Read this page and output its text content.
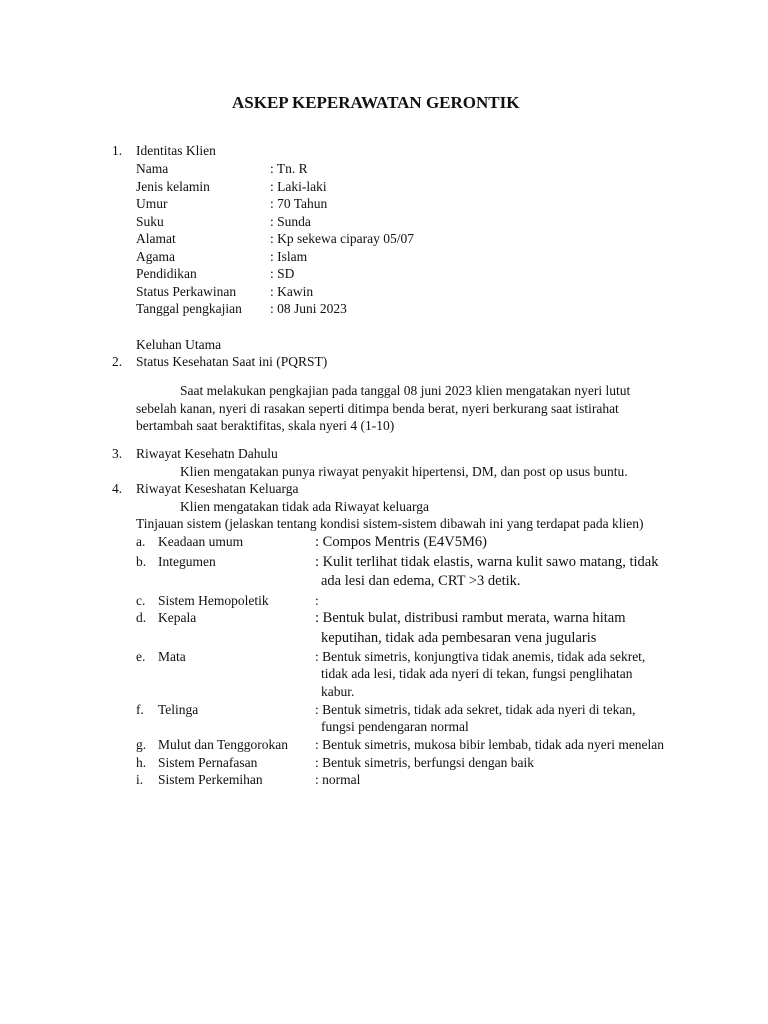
ASKEP KEPERAWATAN GERONTIK
1. Identitas Klien
Nama	: Tn. R
Jenis kelamin	: Laki-laki
Umur	: 70 Tahun
Suku	: Sunda
Alamat	: Kp sekewa ciparay 05/07
Agama	: Islam
Pendidikan	: SD
Status Perkawinan	: Kawin
Tanggal pengkajian : 08 Juni 2023
Keluhan Utama
2. Status Kesehatan Saat ini (PQRST)
Saat melakukan pengkajian pada tanggal 08 juni 2023 klien mengatakan nyeri lutut
sebelah kanan, nyeri di rasakan seperti ditimpa benda berat, nyeri berkurang saat istirahat
bertambah saat beraktifitas, skala nyeri 4 (1-10)
3. Riwayat Kesehatn Dahulu
Klien mengatakan punya riwayat penyakit hipertensi, DM, dan post op usus buntu.
4. Riwayat Keseshatan Keluarga
Klien mengatakan tidak ada Riwayat keluarga
Tinjauan sistem (jelaskan tentang kondisi sistem-sistem dibawah ini yang terdapat pada klien)
a. Keadaan umum	: Compos Mentris (E4V5M6)
b. Integumen	: Kulit terlihat tidak elastis, warna kulit sawo matang, tidak
ada lesi dan edema, CRT >3 detik.
c. Sistem Hemopoletik	:
d. Kepala	: Bentuk bulat, distribusi rambut merata, warna hitam
keputihan, tidak ada pembesaran vena jugularis
e. Mata	: Bentuk simetris, konjungtiva tidak anemis, tidak ada sekret,
tidak ada lesi, tidak ada nyeri di tekan, fungsi penglihatan
kabur.
f. Telinga	: Bentuk simetris, tidak ada sekret, tidak ada nyeri di tekan,
fungsi pendengaran normal
g. Mulut dan Tenggorokan : Bentuk simetris, mukosa bibir lembab, tidak ada nyeri menelan
h. Sistem Pernafasan	: Bentuk simetris, berfungsi dengan baik
i. Sistem Perkemihan	: normal
